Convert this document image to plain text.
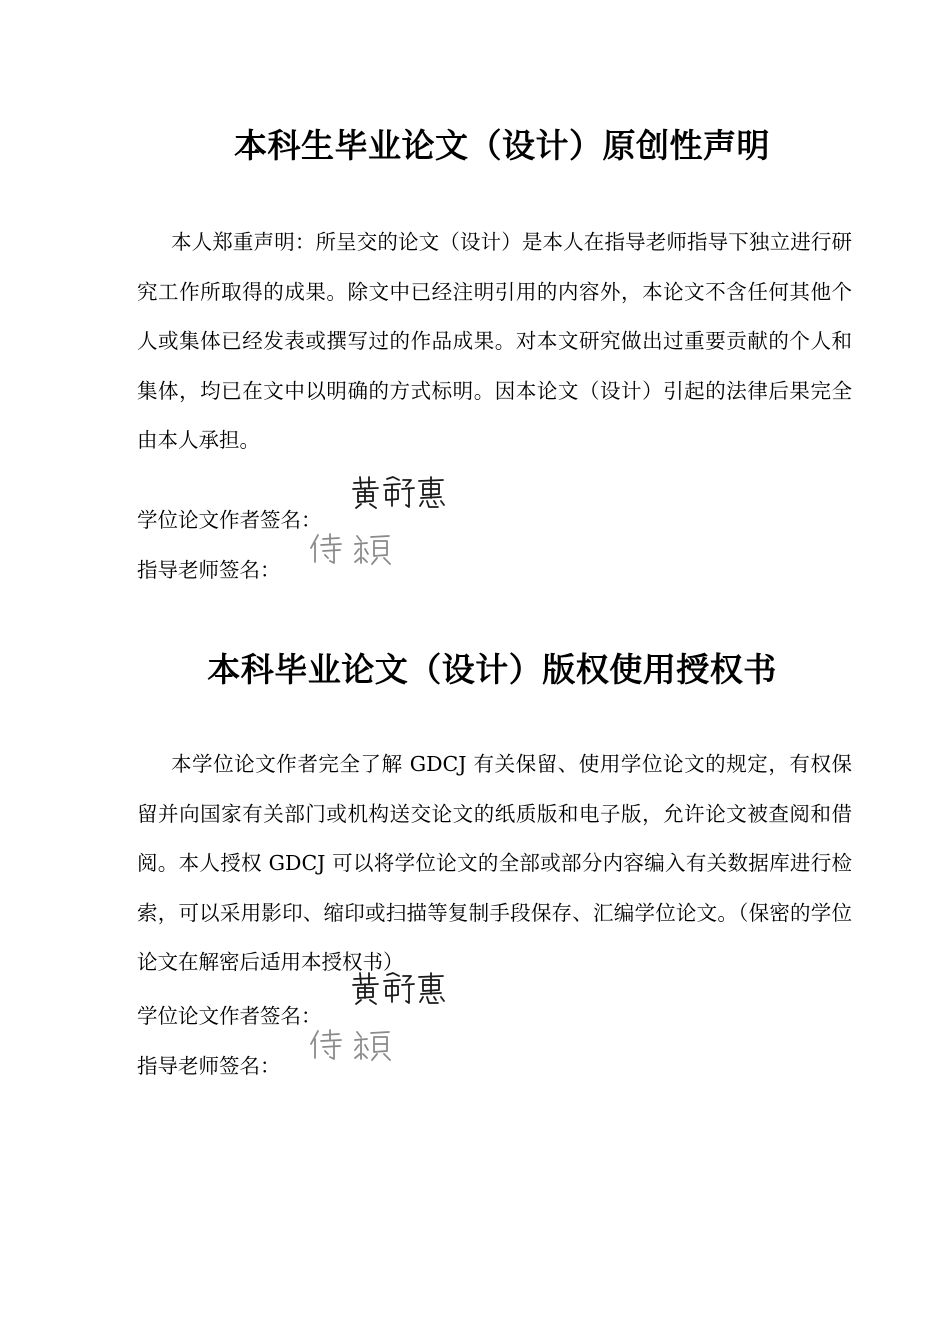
本科生毕业论文（设计）原创性声明

本人郑重声明：所呈交的论文（设计）是本人在指导老师指导下独立进行研究工作所取得的成果。除文中已经注明引用的内容外，本论文不含任何其他个人或集体已经发表或撰写过的作品成果。对本文研究做出过重要贡献的个人和集体，均已在文中以明确的方式标明。因本论文（设计）引起的法律后果完全由本人承担。

学位论文作者签名：
指导老师签名：
本科毕业论文（设计）版权使用授权书

本学位论文作者完全了解 GDCJ 有关保留、使用学位论文的规定，有权保留并向国家有关部门或机构送交论文的纸质版和电子版，允许论文被查阅和借阅。本人授权 GDCJ 可以将学位论文的全部或部分内容编入有关数据库进行检索，可以采用影印、缩印或扫描等复制手段保存、汇编学位论文。（保密的学位论文在解密后适用本授权书）

学位论文作者签名：
指导老师签名：
